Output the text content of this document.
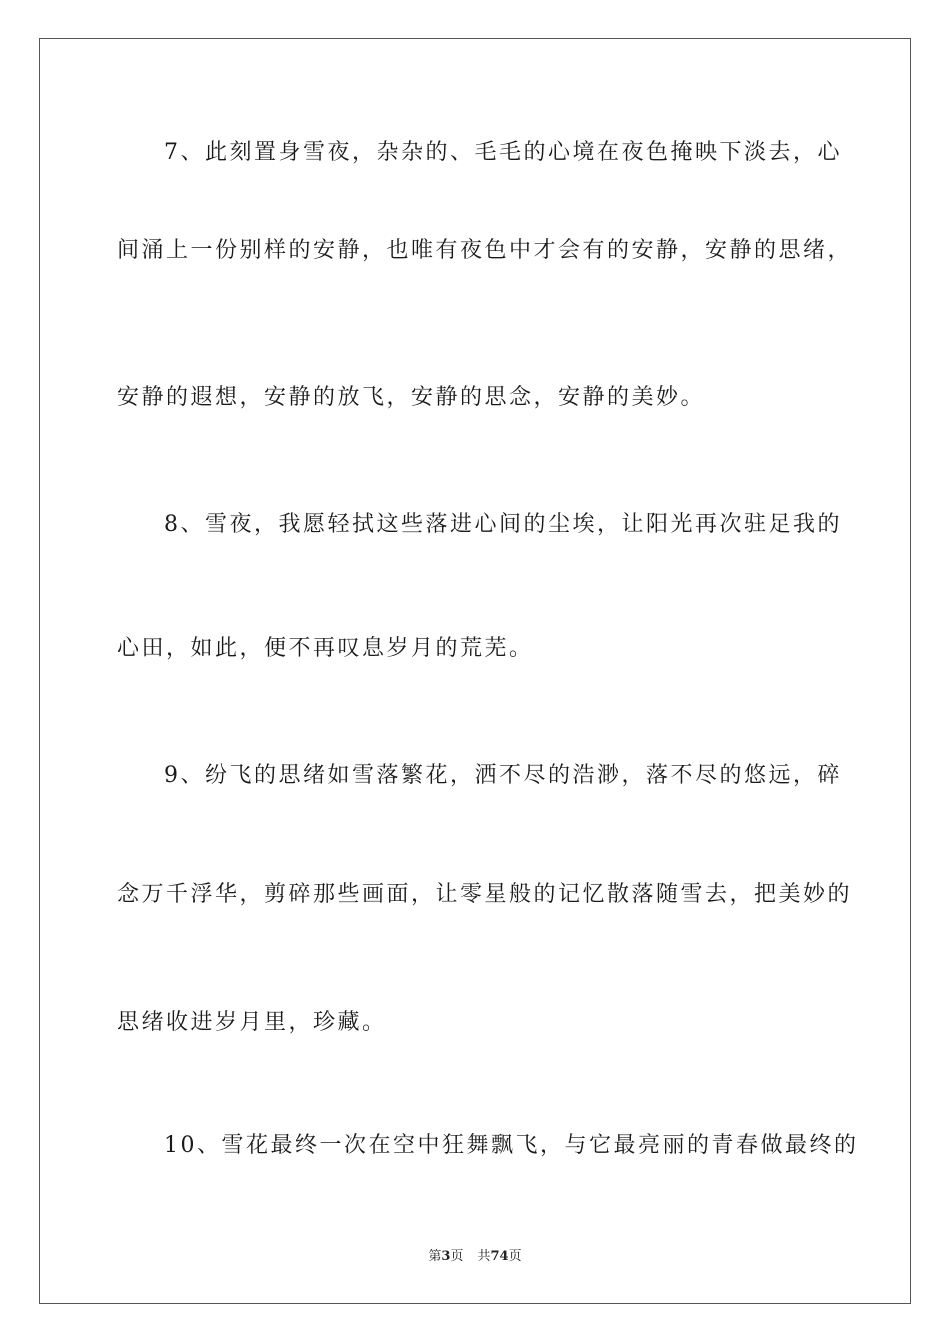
7、此刻置身雪夜，杂杂的、毛毛的心境在夜色掩映下淡去，心
间涌上一份别样的安静，也唯有夜色中才会有的安静，安静的思绪，
安静的遐想，安静的放飞，安静的思念，安静的美妙。
8、雪夜，我愿轻拭这些落进心间的尘埃，让阳光再次驻足我的
心田，如此，便不再叹息岁月的荒芜。
9、纷飞的思绪如雪落繁花，洒不尽的浩渺，落不尽的悠远，碎
念万千浮华，剪碎那些画面，让零星般的记忆散落随雪去，把美妙的
思绪收进岁月里，珍藏。
10、雪花最终一次在空中狂舞飘飞，与它最亮丽的青春做最终的
第3页 共74页
